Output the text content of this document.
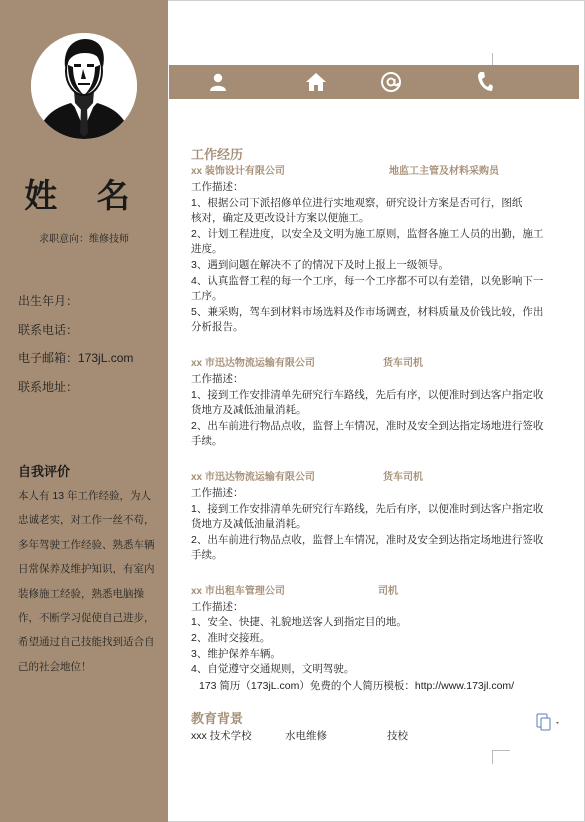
姓 名
求职意向：维修技师
出生年月：
联系电话：
电子邮箱：173jL.com
联系地址：
自我评价
本人有 13 年工作经验，为人忠诚老实，对工作一丝不苟，多年驾驶工作经验、熟悉车辆日常保养及维护知识，有室内装修施工经验，熟悉电脑操作，不断学习促使自己进步，希望通过自己技能找到适合自己的社会地位！
工作经历
xx 装饰设计有限公司	地监工主管及材料采购员
工作描述：
1、根据公司下派招修单位进行实地观察，研究设计方案是否可行，图纸
核对，确定及更改设计方案以便施工。
2、计划工程进度，以安全及文明为施工原则，监督各施工人员的出勤，施工
进度。
3、遇到问题在解决不了的情况下及时上报上一级领导。
4、认真监督工程的每一个工序，每一个工序都不可以有差错，以免影响下一
工序。
5、兼采购，驾车到材料市场选料及作市场调查，材料质量及价钱比较，作出
分析报告。
xx 市迅达物流运输有限公司	货车司机
工作描述：
1、接到工作安排清单先研究行车路线，先后有序，以便准时到达客户指定收
货地方及减低油量消耗。
2、出车前进行物品点收，监督上车情况，准时及安全到达指定场地进行签收
手续。
xx 市迅达物流运输有限公司	货车司机
工作描述：
1、接到工作安排清单先研究行车路线，先后有序，以便准时到达客户指定收
货地方及减低油量消耗。
2、出车前进行物品点收，监督上车情况，准时及安全到达指定场地进行签收
手续。
xx 市出租车管理公司	司机
工作描述：
1、安全、快捷、礼貌地送客人到指定目的地。
2、准时交接班。
3、维护保养车辆。
4、自觉遵守交通规则，文明驾驶。
173 简历（173jL.com）免费的个人简历模板：http://www.173jl.com/
教育背景
xxx 技术学校	水电维修	技校
